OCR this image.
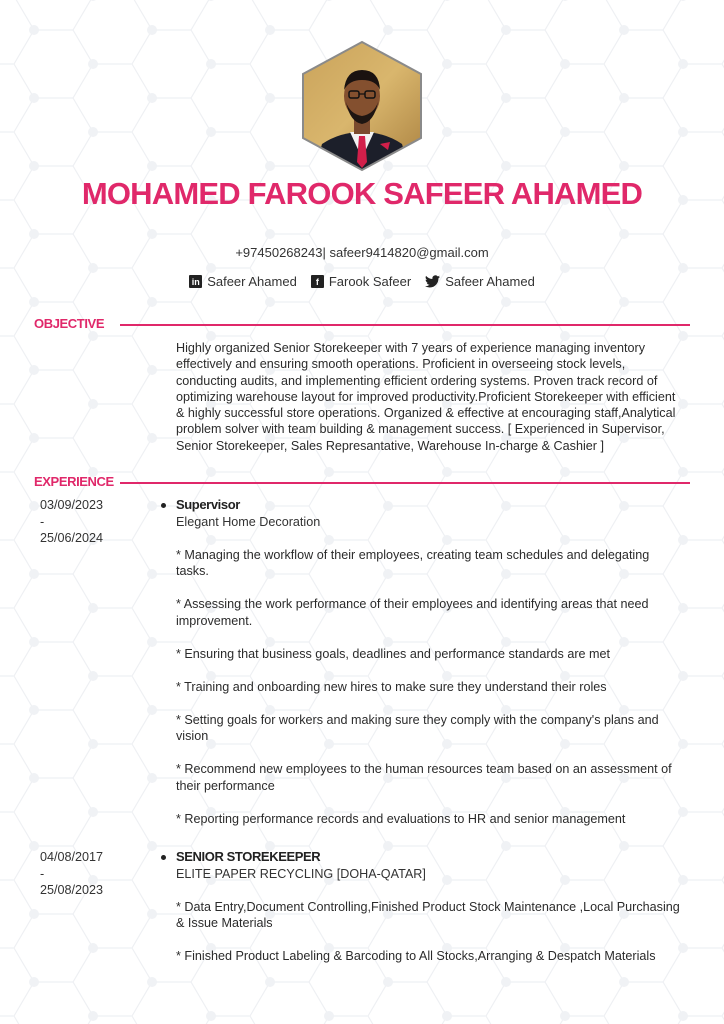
MOHAMED FAROOK SAFEER AHAMED
+97450268243| safeer9414820@gmail.com
in Safeer Ahamed	f Farook Safeer	Safeer Ahamed
OBJECTIVE
Highly organized Senior Storekeeper with 7 years of experience managing inventory effectively and ensuring smooth operations. Proficient in overseeing stock levels, conducting audits, and implementing efficient ordering systems. Proven track record of optimizing warehouse layout for improved productivity.Proficient Storekeeper with efficient & highly successful store operations. Organized & effective at encouraging staff,Analytical problem solver with team building & management success. [ Experienced in Supervisor, Senior Storekeeper, Sales Represantative, Warehouse In-charge & Cashier ]
EXPERIENCE
03/09/2023
-
25/06/2024
Supervisor
Elegant Home Decoration
* Managing the workflow of their employees, creating team schedules and delegating tasks.
* Assessing the work performance of their employees and identifying areas that need improvement.
* Ensuring that business goals, deadlines and performance standards are met
* Training and onboarding new hires to make sure they understand their roles
* Setting goals for workers and making sure they comply with the company's plans and vision
* Recommend new employees to the human resources team based on an assessment of their performance
* Reporting performance records and evaluations to HR and senior management
04/08/2017
-
25/08/2023
SENIOR STOREKEEPER
ELITE PAPER RECYCLING [DOHA-QATAR]
* Data Entry,Document Controlling,Finished Product Stock Maintenance ,Local Purchasing & Issue Materials
* Finished Product Labeling & Barcoding to All Stocks,Arranging & Despatch Materials
